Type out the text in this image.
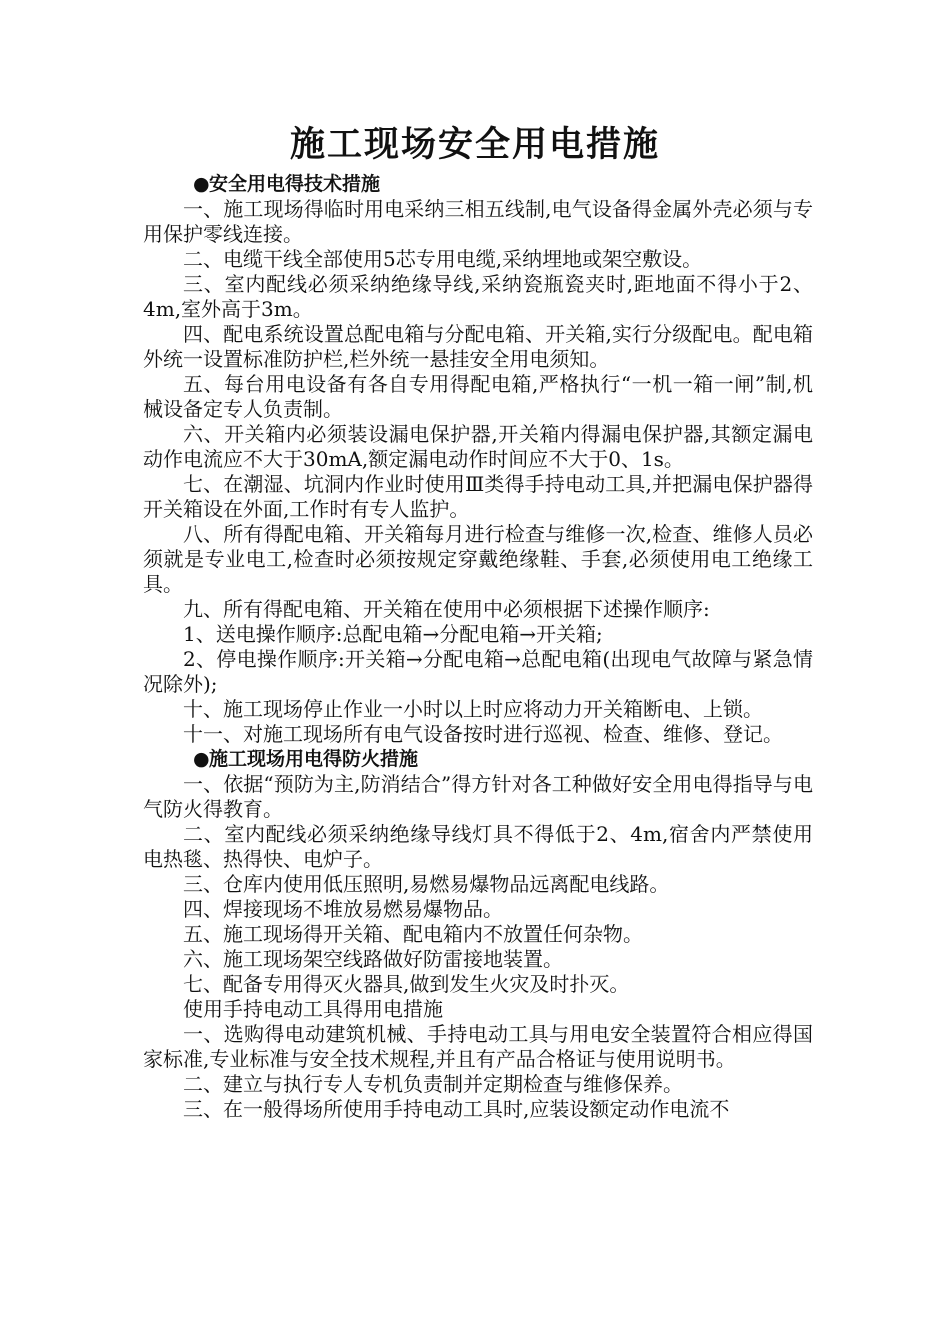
施工现场安全用电措施

●安全用电得技术措施

一、施工现场得临时用电采纳三相五线制,电气设备得金属外壳必须与专用保护零线连接。

二、电缆干线全部使用5芯专用电缆,采纳埋地或架空敷设。

三、室内配线必须采纳绝缘导线,采纳瓷瓶瓷夹时,距地面不得小于2、4m,室外高于3m。

四、配电系统设置总配电箱与分配电箱、开关箱,实行分级配电。配电箱外统一设置标准防护栏,栏外统一悬挂安全用电须知。

五、每台用电设备有各自专用得配电箱,严格执行“一机一箱一闸”制,机械设备定专人负责制。

六、开关箱内必须装设漏电保护器,开关箱内得漏电保护器,其额定漏电动作电流应不大于30mA,额定漏电动作时间应不大于0、1s。

七、在潮湿、坑洞内作业时使用Ⅲ类得手持电动工具,并把漏电保护器得开关箱设在外面,工作时有专人监护。

八、所有得配电箱、开关箱每月进行检查与维修一次,检查、维修人员必须就是专业电工,检查时必须按规定穿戴绝缘鞋、手套,必须使用电工绝缘工具。

九、所有得配电箱、开关箱在使用中必须根据下述操作顺序:

1、送电操作顺序:总配电箱→分配电箱→开关箱;

2、停电操作顺序:开关箱→分配电箱→总配电箱(出现电气故障与紧急情况除外);

十、施工现场停止作业一小时以上时应将动力开关箱断电、上锁。

十一、对施工现场所有电气设备按时进行巡视、检查、维修、登记。

●施工现场用电得防火措施

一、依据“预防为主,防消结合”得方针对各工种做好安全用电得指导与电气防火得教育。

二、室内配线必须采纳绝缘导线灯具不得低于2、4m,宿舍内严禁使用电热毯、热得快、电炉子。

三、仓库内使用低压照明,易燃易爆物品远离配电线路。

四、焊接现场不堆放易燃易爆物品。

五、施工现场得开关箱、配电箱内不放置任何杂物。

六、施工现场架空线路做好防雷接地装置。

七、配备专用得灭火器具,做到发生火灾及时扑灭。

使用手持电动工具得用电措施

一、选购得电动建筑机械、手持电动工具与用电安全装置符合相应得国家标准,专业标准与安全技术规程,并且有产品合格证与使用说明书。

二、建立与执行专人专机负责制并定期检查与维修保养。

三、在一般得场所使用手持电动工具时,应装设额定动作电流不
